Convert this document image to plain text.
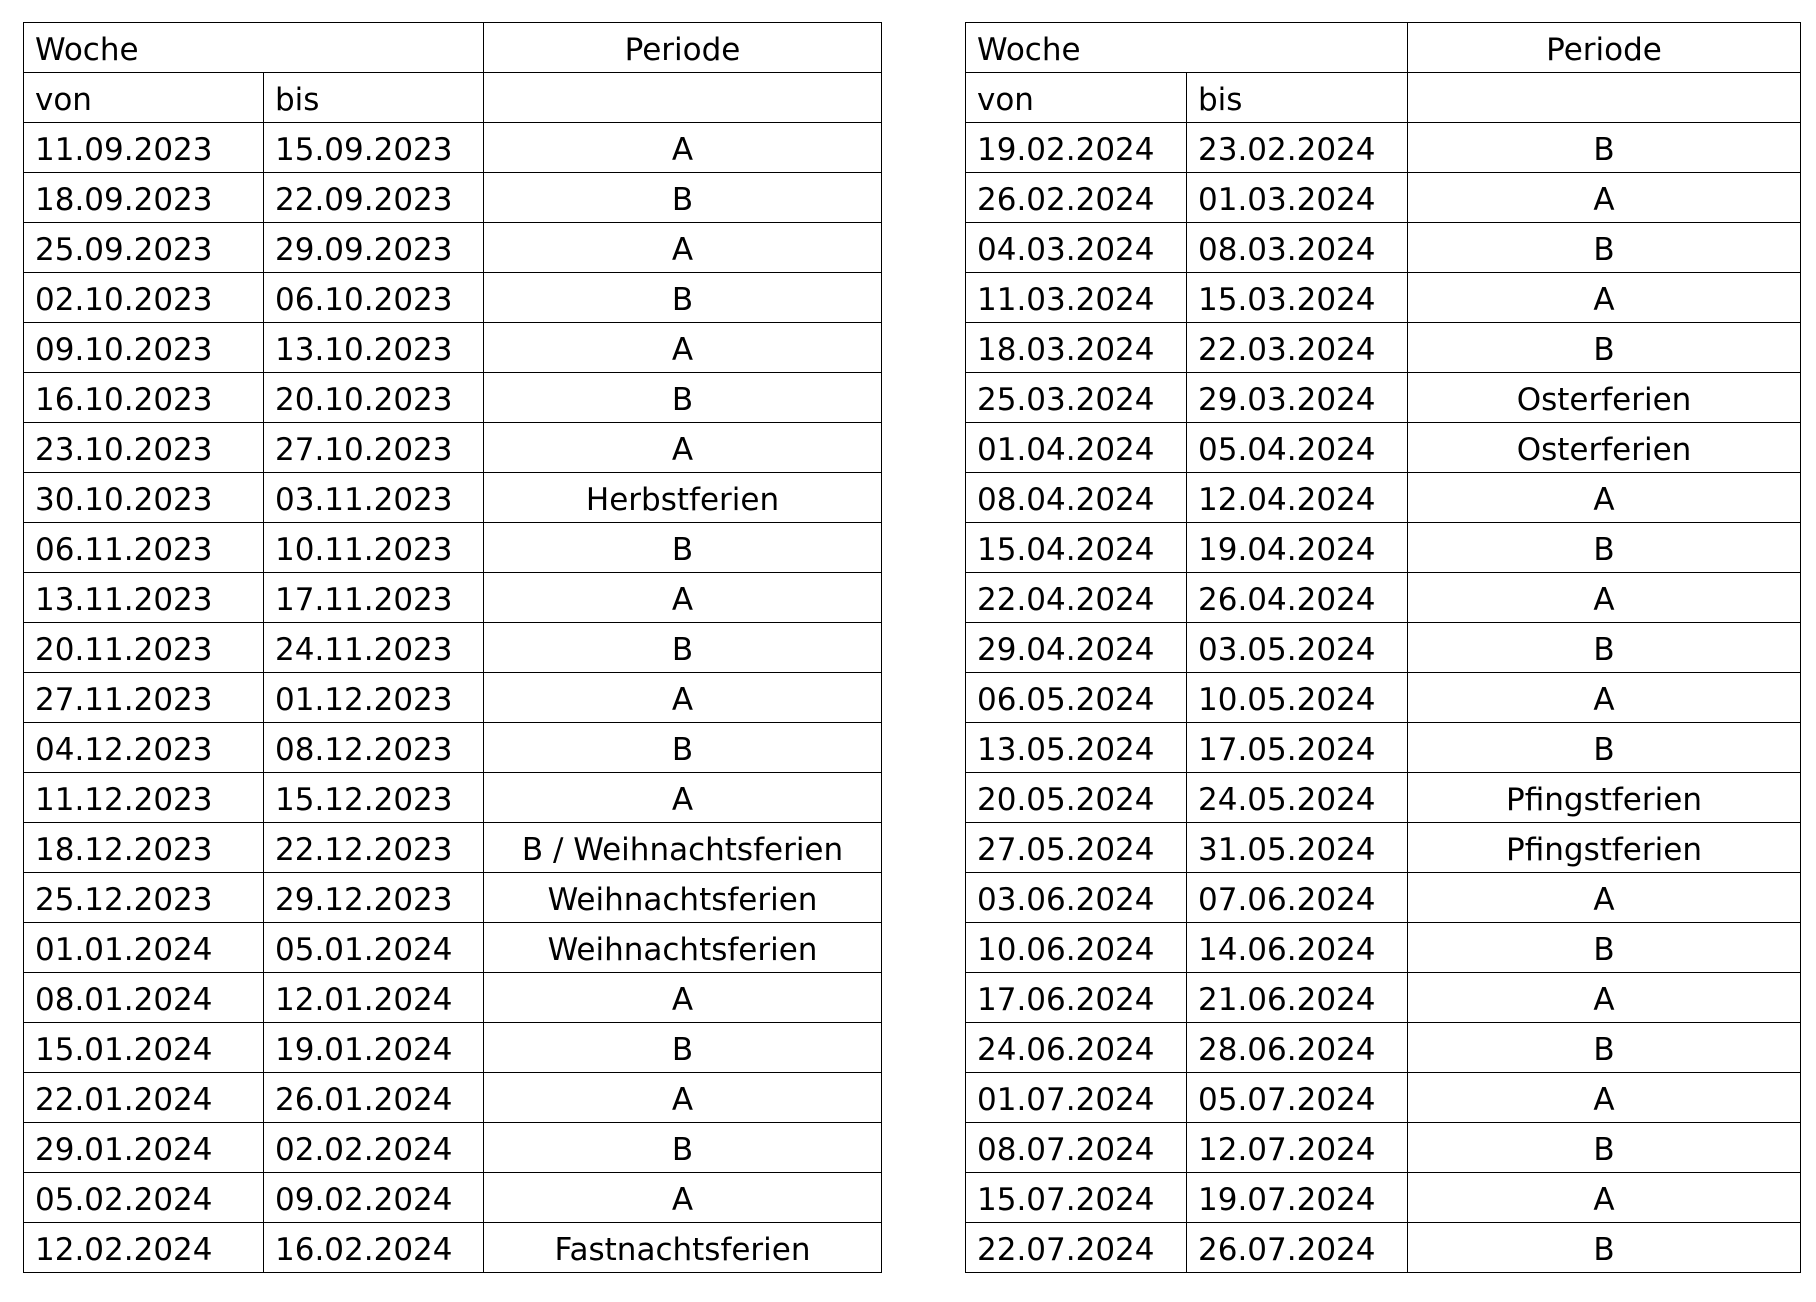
Woche		Periode
von	bis	
11.09.2023	15.09.2023	A
18.09.2023	22.09.2023	B
25.09.2023	29.09.2023	A
02.10.2023	06.10.2023	B
09.10.2023	13.10.2023	A
16.10.2023	20.10.2023	B
23.10.2023	27.10.2023	A
30.10.2023	03.11.2023	Herbstferien
06.11.2023	10.11.2023	B
13.11.2023	17.11.2023	A
20.11.2023	24.11.2023	B
27.11.2023	01.12.2023	A
04.12.2023	08.12.2023	B
11.12.2023	15.12.2023	A
18.12.2023	22.12.2023	B / Weihnachtsferien
25.12.2023	29.12.2023	Weihnachtsferien
01.01.2024	05.01.2024	Weihnachtsferien
08.01.2024	12.01.2024	A
15.01.2024	19.01.2024	B
22.01.2024	26.01.2024	A
29.01.2024	02.02.2024	B
05.02.2024	09.02.2024	A
12.02.2024	16.02.2024	Fastnachtsferien
Woche		Periode
von	bis	
19.02.2024	23.02.2024	B
26.02.2024	01.03.2024	A
04.03.2024	08.03.2024	B
11.03.2024	15.03.2024	A
18.03.2024	22.03.2024	B
25.03.2024	29.03.2024	Osterferien
01.04.2024	05.04.2024	Osterferien
08.04.2024	12.04.2024	A
15.04.2024	19.04.2024	B
22.04.2024	26.04.2024	A
29.04.2024	03.05.2024	B
06.05.2024	10.05.2024	A
13.05.2024	17.05.2024	B
20.05.2024	24.05.2024	Pfingstferien
27.05.2024	31.05.2024	Pfingstferien
03.06.2024	07.06.2024	A
10.06.2024	14.06.2024	B
17.06.2024	21.06.2024	A
24.06.2024	28.06.2024	B
01.07.2024	05.07.2024	A
08.07.2024	12.07.2024	B
15.07.2024	19.07.2024	A
22.07.2024	26.07.2024	B
